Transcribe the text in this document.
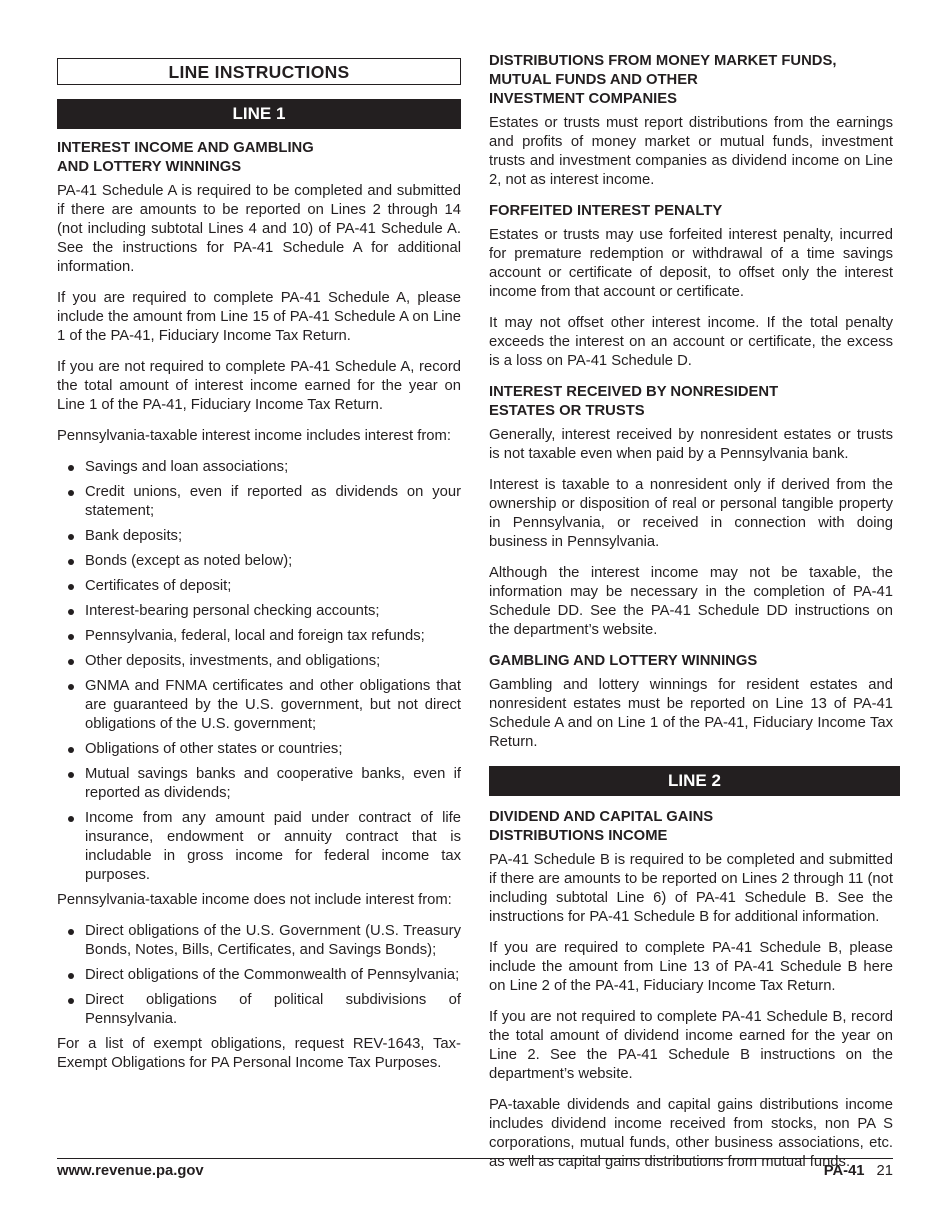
LINE INSTRUCTIONS
LINE 1
INTEREST INCOME AND GAMBLING
AND LOTTERY WINNINGS

PA-41 Schedule A is required to be completed and submitted if there are amounts to be reported on Lines 2 through 14 (not including subtotal Lines 4 and 10) of PA-41 Schedule A. See the instructions for PA-41 Schedule A for additional information.

If you are required to complete PA-41 Schedule A, please include the amount from Line 15 of PA-41 Schedule A on Line 1 of the PA-41, Fiduciary Income Tax Return.

If you are not required to complete PA-41 Schedule A, record the total amount of interest income earned for the year on Line 1 of the PA-41, Fiduciary Income Tax Return.

Pennsylvania-taxable interest income includes interest from:

Savings and loan associations;
Credit unions, even if reported as dividends on your statement;
Bank deposits;
Bonds (except as noted below);
Certificates of deposit;
Interest-bearing personal checking accounts;
Pennsylvania, federal, local and foreign tax refunds;
Other deposits, investments, and obligations;
GNMA and FNMA certificates and other obligations that are guaranteed by the U.S. government, but not direct obligations of the U.S. government;
Obligations of other states or countries;
Mutual savings banks and cooperative banks, even if reported as dividends;
Income from any amount paid under contract of life insurance, endowment or annuity contract that is includable in gross income for federal income tax purposes.

Pennsylvania-taxable income does not include interest from:

Direct obligations of the U.S. Government (U.S. Treasury Bonds, Notes, Bills, Certificates, and Savings Bonds);
Direct obligations of the Commonwealth of Pennsylvania;
Direct obligations of political subdivisions of Pennsylvania.

For a list of exempt obligations, request REV-1643, Tax-Exempt Obligations for PA Personal Income Tax Purposes.

DISTRIBUTIONS FROM MONEY MARKET FUNDS,
MUTUAL FUNDS AND OTHER
INVESTMENT COMPANIES

Estates or trusts must report distributions from the earnings and profits of money market or mutual funds, investment trusts and investment companies as dividend income on Line 2, not as interest income.

FORFEITED INTEREST PENALTY

Estates or trusts may use forfeited interest penalty, incurred for premature redemption or withdrawal of a time savings account or certificate of deposit, to offset only the interest income from that account or certificate.

It may not offset other interest income. If the total penalty exceeds the interest on an account or certificate, the excess is a loss on PA-41 Schedule D.

INTEREST RECEIVED BY NONRESIDENT
ESTATES OR TRUSTS

Generally, interest received by nonresident estates or trusts is not taxable even when paid by a Pennsylvania bank.

Interest is taxable to a nonresident only if derived from the ownership or disposition of real or personal tangible property in Pennsylvania, or received in connection with doing business in Pennsylvania.

Although the interest income may not be taxable, the information may be necessary in the completion of PA-41 Schedule DD. See the PA-41 Schedule DD instructions on the department’s website.

GAMBLING AND LOTTERY WINNINGS

Gambling and lottery winnings for resident estates and nonresident estates must be reported on Line 13 of PA-41 Schedule A and on Line 1 of the PA-41, Fiduciary Income Tax Return.

LINE 2
DIVIDEND AND CAPITAL GAINS
DISTRIBUTIONS INCOME

PA-41 Schedule B is required to be completed and submitted if there are amounts to be reported on Lines 2 through 11 (not including subtotal Line 6) of PA-41 Schedule B. See the instructions for PA-41 Schedule B for additional information.

If you are required to complete PA-41 Schedule B, please include the amount from Line 13 of PA-41 Schedule B here on Line 2 of the PA-41, Fiduciary Income Tax Return.

If you are not required to complete PA-41 Schedule B, record the total amount of dividend income earned for the year on Line 2. See the PA-41 Schedule B instructions on the department’s website.

PA-taxable dividends and capital gains distributions income includes dividend income received from stocks, non PA S corporations, mutual funds, other business associations, etc. as well as capital gains distributions from mutual funds.

www.revenue.pa.gov	PA-41 21
